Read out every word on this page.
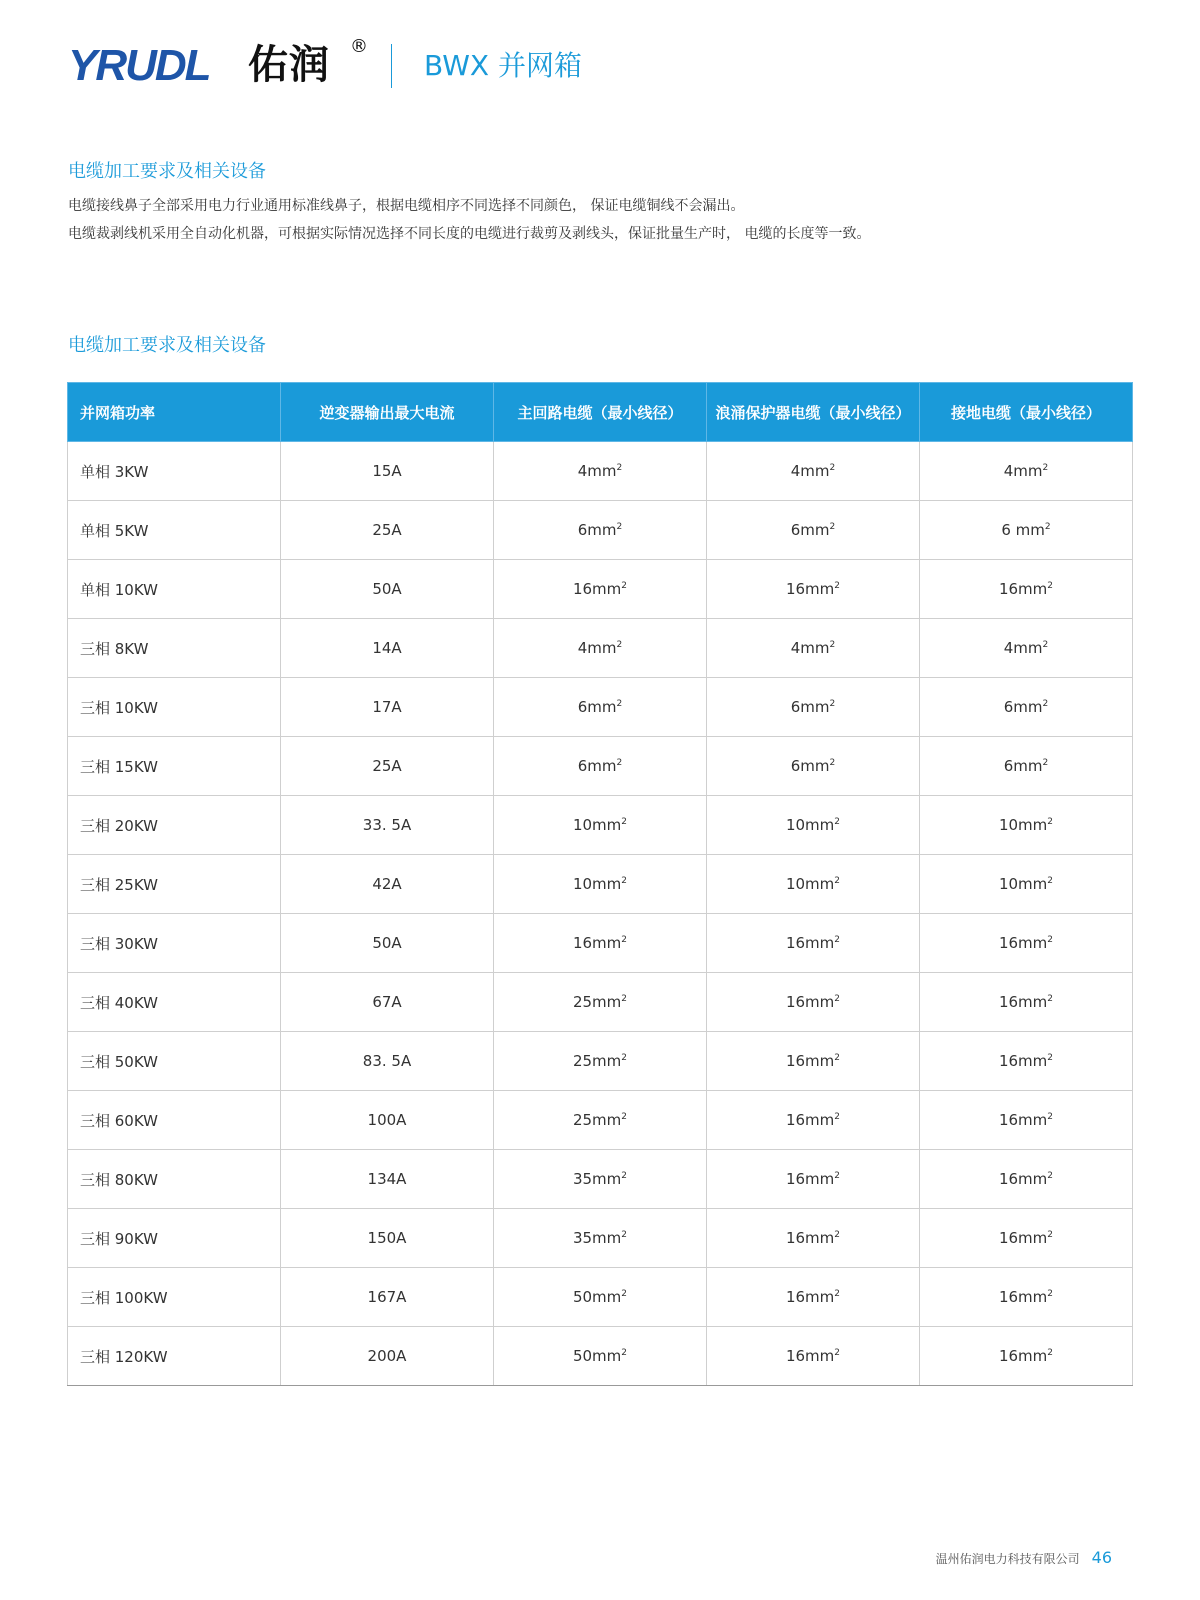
YRUDL 佑润 ®
BWX 并网箱
电缆加工要求及相关设备

电缆接线鼻子全部采用电力行业通用标准线鼻子，根据电缆相序不同选择不同颜色， 保证电缆铜线不会漏出。

电缆裁剥线机采用全自动化机器，可根据实际情况选择不同长度的电缆进行裁剪及剥线头，保证批量生产时， 电缆的长度等一致。

电缆加工要求及相关设备
并网箱功率	逆变器输出最大电流	主回路电缆（最小线径）	浪涌保护器电缆（最小线径）	接地电缆（最小线径）
单相 3KW	15A	$4mm^2$	$4mm^2$	$4mm^2$
单相 5KW	25A	$6mm^2$	$6mm^2$	6 $mm^2$
单相 10KW	50A	$16mm^2$	$16mm^2$	$16mm^2$
三相 8KW	14A	$4mm^2$	$4mm^2$	$4mm^2$
三相 10KW	17A	$6mm^2$	$6mm^2$	$6mm^2$
三相 15KW	25A	$6mm^2$	$6mm^2$	$6mm^2$
三相 20KW	33. 5A	$10mm^2$	$10mm^2$	$10mm^2$
三相 25KW	42A	$10mm^2$	$10mm^2$	$10mm^2$
三相 30KW	50A	$16mm^2$	$16mm^2$	$16mm^2$
三相 40KW	67A	$25mm^2$	$16mm^2$	$16mm^2$
三相 50KW	83. 5A	$25mm^2$	$16mm^2$	$16mm^2$
三相 60KW	100A	$25mm^2$	$16mm^2$	$16mm^2$
三相 80KW	134A	$35mm^2$	$16mm^2$	$16mm^2$
三相 90KW	150A	$35mm^2$	$16mm^2$	$16mm^2$
三相 100KW	167A	$50mm^2$	$16mm^2$	$16mm^2$
三相 120KW	200A	$50mm^2$	$16mm^2$	$16mm^2$
温州佑润电力科技有限公司 46
